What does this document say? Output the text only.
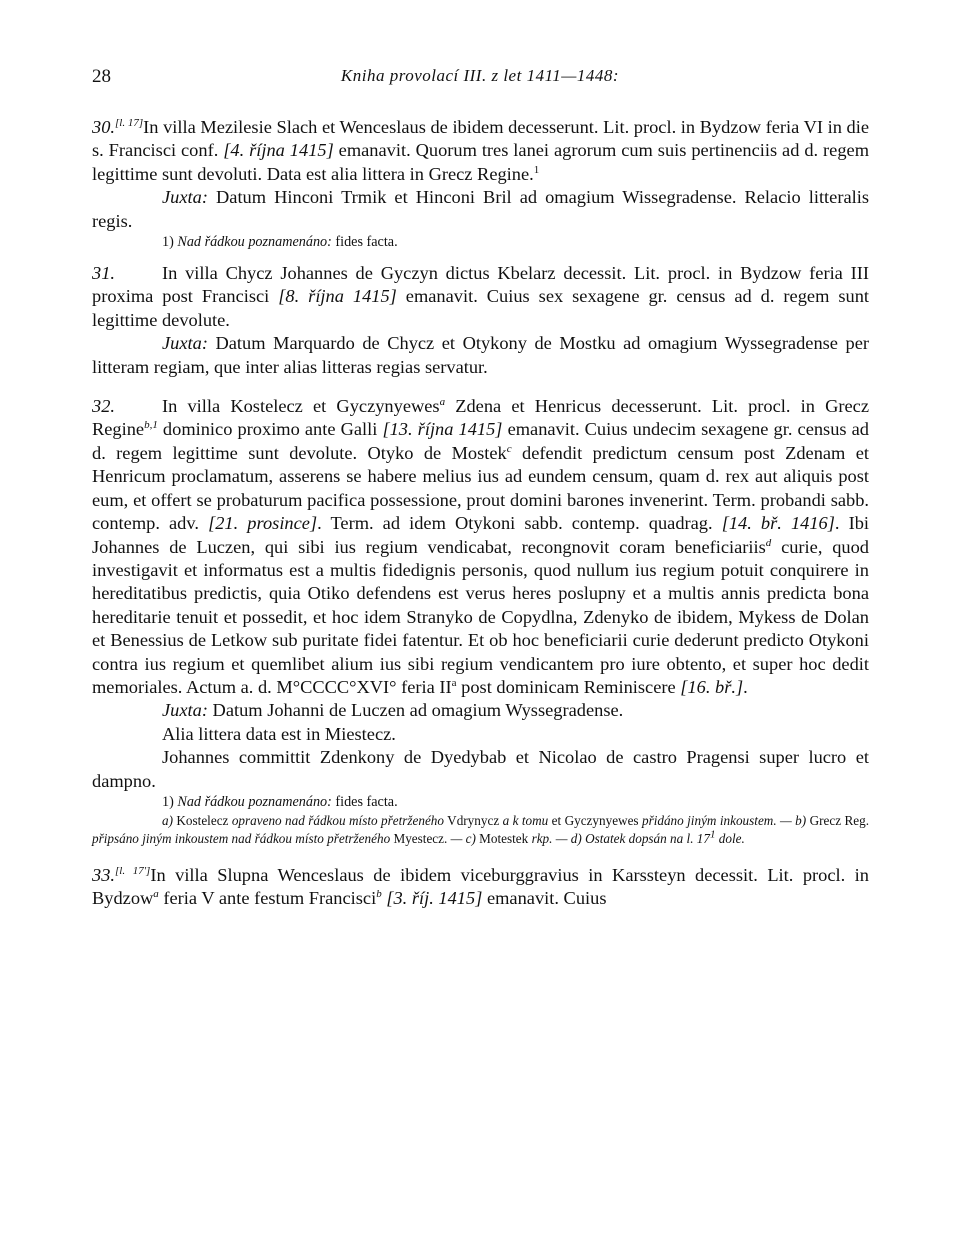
28	Kniha provolací III. z let 1411—1448:

30.[l. 17]In villa Mezilesie Slach et Wenceslaus de ibidem decesserunt. Lit. procl. in Bydzow feria VI in die s. Francisci conf. [4. října 1415] emanavit. Quorum tres lanei agrorum cum suis pertinenciis ad d. regem legittime sunt devoluti. Data est alia littera in Grecz Regine.$^1$

Juxta: Datum Hinconi Trmik et Hinconi Bril ad omagium Wissegradense. Relacio litteralis regis.

1) Nad řádkou poznamenáno: fides facta.

31.	In villa Chycz Johannes de Gyczyn dictus Kbelarz decessit. Lit. procl. in Bydzow feria III proxima post Francisci [8. října 1415] emanavit. Cuius sex sexagene gr. census ad d. regem sunt legittime devolute.

Juxta: Datum Marquardo de Chycz et Otykony de Mostku ad omagium Wyssegradense per litteram regiam, que inter alias litteras regias servatur.

32.	In villa Kostelecz et Gyczynyewes$^a$ Zdena et Henricus decesserunt. Lit. procl. in Grecz Regine$^{b,1}$ dominico proximo ante Galli [13. října 1415] emanavit. Cuius undecim sexagene gr. census ad d. regem legittime sunt devolute. Otyko de Mostek$^c$ defendit predictum censum post Zdenam et Henricum proclamatum, asserens se habere melius ius ad eundem censum, quam d. rex aut aliquis post eum, et offert se probaturum pacifica possessione, prout domini barones invenerint. Term. probandi sabb. contemp. adv. [21. prosince]. Term. ad idem Otykoni sabb. contemp. quadrag. [14. bř. 1416]. Ibi Johannes de Luczen, qui sibi ius regium vendicabat, recongnovit coram beneficiariis$^d$ curie, quod investigavit et informatus est a multis fidedignis personis, quod nullum ius regium potuit conquirere in hereditatibus predictis, quia Otiko defendens est verus heres poslupny et a multis annis predicta bona hereditarie tenuit et possedit, et hoc idem Stranyko de Copydlna, Zdenyko de ibidem, Mykess de Dolan et Benessius de Letkow sub puritate fidei fatentur. Et ob hoc beneficiarii curie dederunt predicto Otykoni contra ius regium et quemlibet alium ius sibi regium vendicantem pro iure obtento, et super hoc dedit memoriales. Actum a. d. M°CCCC°XVI° feria $II^a$ post dominicam Reminiscere [16. bř.].

Juxta: Datum Johanni de Luczen ad omagium Wyssegradense.

Alia littera data est in Miestecz.

Johannes committit Zdenkony de Dyedybab et Nicolao de castro Pragensi super lucro et dampno.

1) Nad řádkou poznamenáno: fides facta.

a) Kostelecz opraveno nad řádkou místo přetrženého Vdrynycz a k tomu et Gyczynyewes přidáno jiným inkoustem. — b) Grecz Reg. připsáno jiným inkoustem nad řádkou místo přetrženého Myestecz. — c) Motestek rkp. — d) Ostatek dopsán na l. $17^1$ dole.

33.[l. 17']In villa Slupna Wenceslaus de ibidem viceburggravius in Karssteyn decessit. Lit. procl. in Bydzow$^a$ feria V ante festum Francisci$^b$ [3. říj. 1415] emanavit. Cuius
